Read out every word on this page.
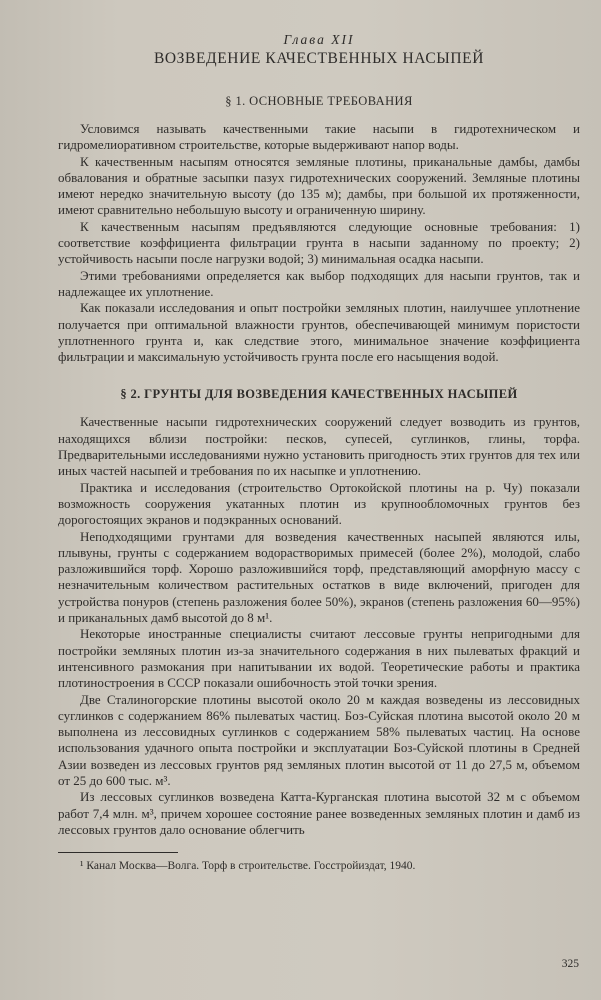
Глава XII
ВОЗВЕДЕНИЕ КАЧЕСТВЕННЫХ НАСЫПЕЙ
§ 1. ОСНОВНЫЕ ТРЕБОВАНИЯ

Условимся называть качественными такие насыпи в гидротехническом и гидромелиоративном строительстве, которые выдерживают напор воды.

К качественным насыпям относятся земляные плотины, приканальные дамбы, дамбы обвалования и обратные засыпки пазух гидротехнических сооружений. Земляные плотины имеют нередко значительную высоту (до 135 м); дамбы, при большой их протяженности, имеют сравнительно небольшую высоту и ограниченную ширину.

К качественным насыпям предъявляются следующие основные требования: 1) соответствие коэффициента фильтрации грунта в насыпи заданному по проекту; 2) устойчивость насыпи после нагрузки водой; 3) минимальная осадка насыпи.

Этими требованиями определяется как выбор подходящих для насыпи грунтов, так и надлежащее их уплотнение.

Как показали исследования и опыт постройки земляных плотин, наилучшее уплотнение получается при оптимальной влажности грунтов, обеспечивающей минимум пористости уплотненного грунта и, как следствие этого, минимальное значение коэффициента фильтрации и максимальную устойчивость грунта после его насыщения водой.

§ 2. ГРУНТЫ ДЛЯ ВОЗВЕДЕНИЯ КАЧЕСТВЕННЫХ НАСЫПЕЙ

Качественные насыпи гидротехнических сооружений следует возводить из грунтов, находящихся вблизи постройки: песков, супесей, суглинков, глины, торфа. Предварительными исследованиями нужно установить пригодность этих грунтов для тех или иных частей насыпей и требования по их насыпке и уплотнению.

Практика и исследования (строительство Ортокойской плотины на р. Чу) показали возможность сооружения укатанных плотин из крупнообломочных грунтов без дорогостоящих экранов и подэкранных оснований.

Неподходящими грунтами для возведения качественных насыпей являются илы, плывуны, грунты с содержанием водорастворимых примесей (более 2%), молодой, слабо разложившийся торф. Хорошо разложившийся торф, представляющий аморфную массу с незначительным количеством растительных остатков в виде включений, пригоден для устройства понуров (степень разложения более 50%), экранов (степень разложения 60—95%) и приканальных дамб высотой до 8 м¹.

Некоторые иностранные специалисты считают лессовые грунты непригодными для постройки земляных плотин из-за значительного содержания в них пылеватых фракций и интенсивного размокания при напитывании их водой. Теоретические работы и практика плотиностроения в СССР показали ошибочность этой точки зрения.

Две Сталиногорские плотины высотой около 20 м каждая возведены из лессовидных суглинков с содержанием 86% пылеватых частиц. Боз-Суйская плотина высотой около 20 м выполнена из лессовидных суглинков с содержанием 58% пылеватых частиц. На основе использования удачного опыта постройки и эксплуатации Боз-Суйской плотины в Средней Азии возведен из лессовых грунтов ряд земляных плотин высотой от 11 до 27,5 м, объемом от 25 до 600 тыс. м³.

Из лессовых суглинков возведена Катта-Курганская плотина высотой 32 м с объемом работ 7,4 млн. м³, причем хорошее состояние ранее возведенных земляных плотин и дамб из лессовых грунтов дало основание облегчить

¹ Канал Москва—Волга. Торф в строительстве. Госстройиздат, 1940.

325
